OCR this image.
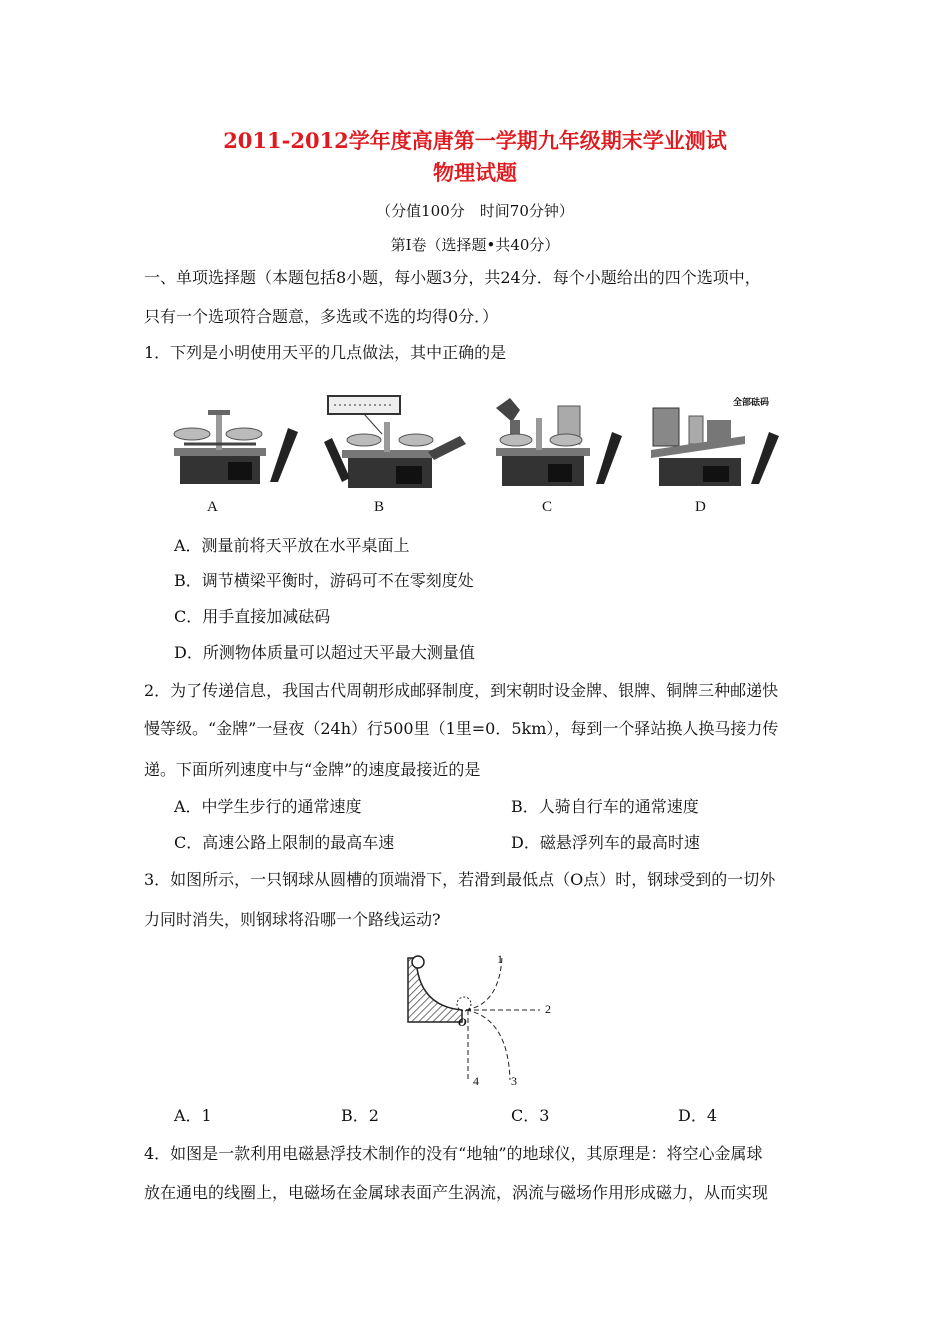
2011-2012学年度高唐第一学期九年级期末学业测试
物理试题
（分值100分　时间70分钟）
第Ⅰ卷（选择题•共40分）
一、单项选择题（本题包括8小题，每小题3分，共24分．每个小题给出的四个选项中，
只有一个选项符合题意，多选或不选的均得0分．）
1．下列是小明使用天平的几点做法，其中正确的是
A	B	C
全部砝码
D
A．测量前将天平放在水平桌面上
B．调节横梁平衡时，游码可不在零刻度处
C．用手直接加减砝码
D．所测物体质量可以超过天平最大测量值
2．为了传递信息，我国古代周朝形成邮驿制度，到宋朝时设金牌、银牌、铜牌三种邮递快
慢等级。“金牌”一昼夜（24h）行500里（1里=0．5km），每到一个驿站换人换马接力传
递。下面所列速度中与“金牌”的速度最接近的是
A．中学生步行的通常速度	B．人骑自行车的通常速度
C．高速公路上限制的最高车速	D．磁悬浮列车的最高时速
3．如图所示，一只钢球从圆槽的顶端滑下，若滑到最低点（O点）时，钢球受到的一切外
力同时消失，则钢球将沿哪一个路线运动?
1
2
3
4
O
A．1	B．2	C．3	D．4
4．如图是一款利用电磁悬浮技术制作的没有“地轴”的地球仪，其原理是：将空心金属球
放在通电的线圈上，电磁场在金属球表面产生涡流，涡流与磁场作用形成磁力，从而实现
